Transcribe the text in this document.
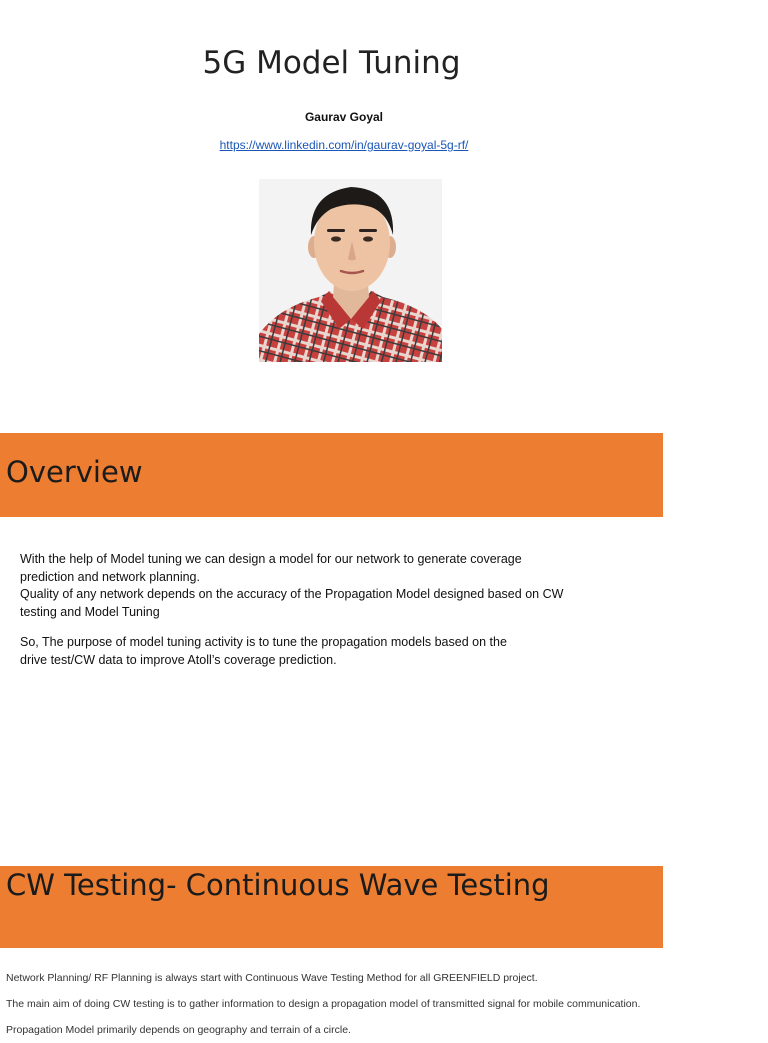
5G Model Tuning
Gaurav Goyal
https://www.linkedin.com/in/gaurav-goyal-5g-rf/
Overview

With the help of Model tuning we can design a model for our network to generate coverage

prediction and network planning.

Quality of any network depends on the accuracy of the Propagation Model designed based on CW

testing and Model Tuning

So, The purpose of model tuning activity is to tune the propagation models based on the

drive test/CW data to improve Atoll’s coverage prediction.

CW Testing- Continuous Wave Testing

Network Planning/ RF Planning is always start with Continuous Wave Testing Method for all GREENFIELD project.

The main aim of doing CW testing is to gather information to design a propagation model of transmitted signal for mobile communication.

Propagation Model primarily depends on geography and terrain of a circle.
